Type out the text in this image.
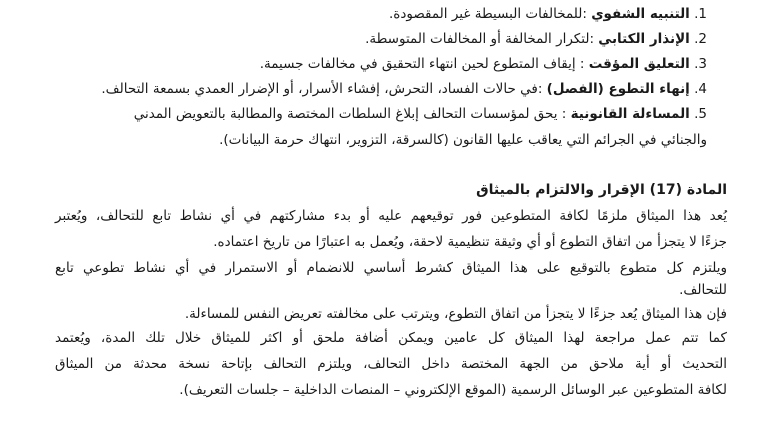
1. التنبيه الشفوي :للمخالفات البسيطة غير المقصودة.
2. الإنذار الكتابي :لتكرار المخالفة أو المخالفات المتوسطة.
3. التعليق المؤقت : إيقاف المتطوع لحين انتهاء التحقيق في مخالفات جسيمة.
4. إنهاء التطوع (الفصل) :في حالات الفساد، التحرش، إفشاء الأسرار، أو الإضرار العمدي بسمعة التحالف.
5. المساءلة القانونية : يحق لمؤسسات التحالف إبلاغ السلطات المختصة والمطالبة بالتعويض المدني
والجنائي في الجرائم التي يعاقب عليها القانون (كالسرقة، التزوير، انتهاك حرمة البيانات).
المادة (17) الإقرار والالتزام بالميثاق
يُعد هذا الميثاق ملزمًا لكافة المتطوعين فور توقيعهم عليه أو بدء مشاركتهم في أي نشاط تابع للتحالف، ويُعتبر
جزءًا لا يتجزأ من اتفاق التطوع أو أي وثيقة تنظيمية لاحقة، ويُعمل به اعتبارًا من تاريخ اعتماده.
ويلتزم كل متطوع بالتوقيع على هذا الميثاق كشرط أساسي للانضمام أو الاستمرار في أي نشاط تطوعي تابع
للتحالف.
فإن هذا الميثاق يُعد جزءًا لا يتجزأ من اتفاق التطوع، ويترتب على مخالفته تعريض النفس للمساءلة.
كما تتم عمل مراجعة لهذا الميثاق كل عامين ويمكن أضافة ملحق أو اكثر للميثاق خلال تلك المدة، ويُعتمد
التحديث أو أية ملاحق من الجهة المختصة داخل التحالف، ويلتزم التحالف بإتاحة نسخة محدثة من الميثاق
لكافة المتطوعين عبر الوسائل الرسمية (الموقع الإلكتروني – المنصات الداخلية – جلسات التعريف).
